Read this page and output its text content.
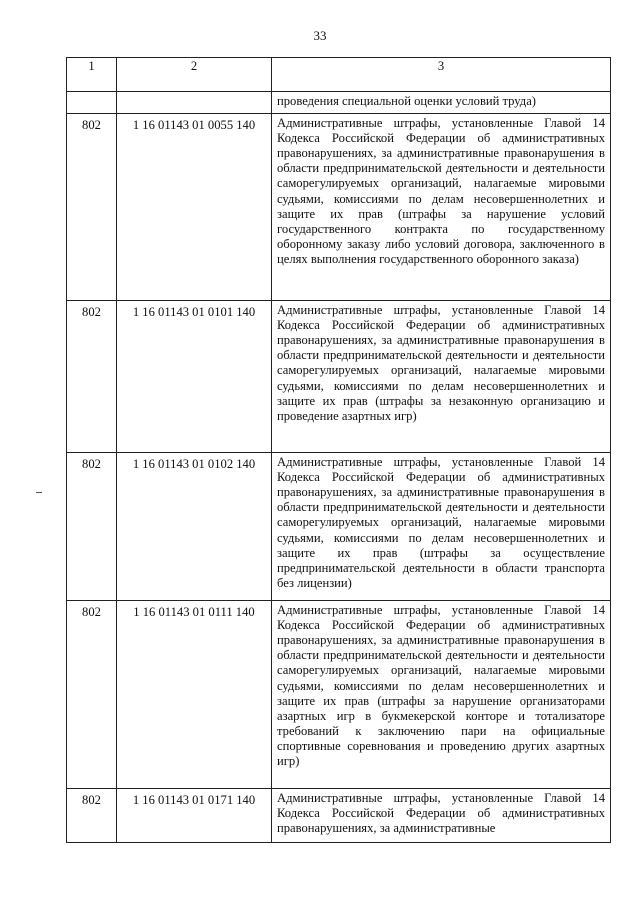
33
1	2	3
		проведения специальной оценки условий труда)
802	1 16 01143 01 0055 140	Административные штрафы, установленные Главой 14 Кодекса Российской Федерации об административных правонарушениях, за административные правонарушения в области предпринимательской деятельности и деятельности саморегулируемых организаций, налагаемые мировыми судьями, комиссиями по делам несовершеннолетних и защите их прав (штрафы за нарушение условий государственного контракта по государственному оборонному заказу либо условий договора, заключенного в целях выполнения государственного оборонного заказа)
802	1 16 01143 01 0101 140	Административные штрафы, установленные Главой 14 Кодекса Российской Федерации об административных правонарушениях, за административные правонарушения в области предпринимательской деятельности и деятельности саморегулируемых организаций, налагаемые мировыми судьями, комиссиями по делам несовершеннолетних и защите их прав (штрафы за незаконную организацию и проведение азартных игр)
802	1 16 01143 01 0102 140	Административные штрафы, установленные Главой 14 Кодекса Российской Федерации об административных правонарушениях, за административные правонарушения в области предпринимательской деятельности и деятельности саморегулируемых организаций, налагаемые мировыми судьями, комиссиями по делам несовершеннолетних и защите их прав (штрафы за осуществление предпринимательской деятельности в области транспорта без лицензии)
802	1 16 01143 01 0111 140	Административные штрафы, установленные Главой 14 Кодекса Российской Федерации об административных правонарушениях, за административные правонарушения в области предпринимательской деятельности и деятельности саморегулируемых организаций, налагаемые мировыми судьями, комиссиями по делам несовершеннолетних и защите их прав (штрафы за нарушение организаторами азартных игр в букмекерской конторе и тотализаторе требований к заключению пари на официальные спортивные соревнования и проведению других азартных игр)
802	1 16 01143 01 0171 140	Административные штрафы, установленные Главой 14 Кодекса Российской Федерации об административных правонарушениях, за административные
